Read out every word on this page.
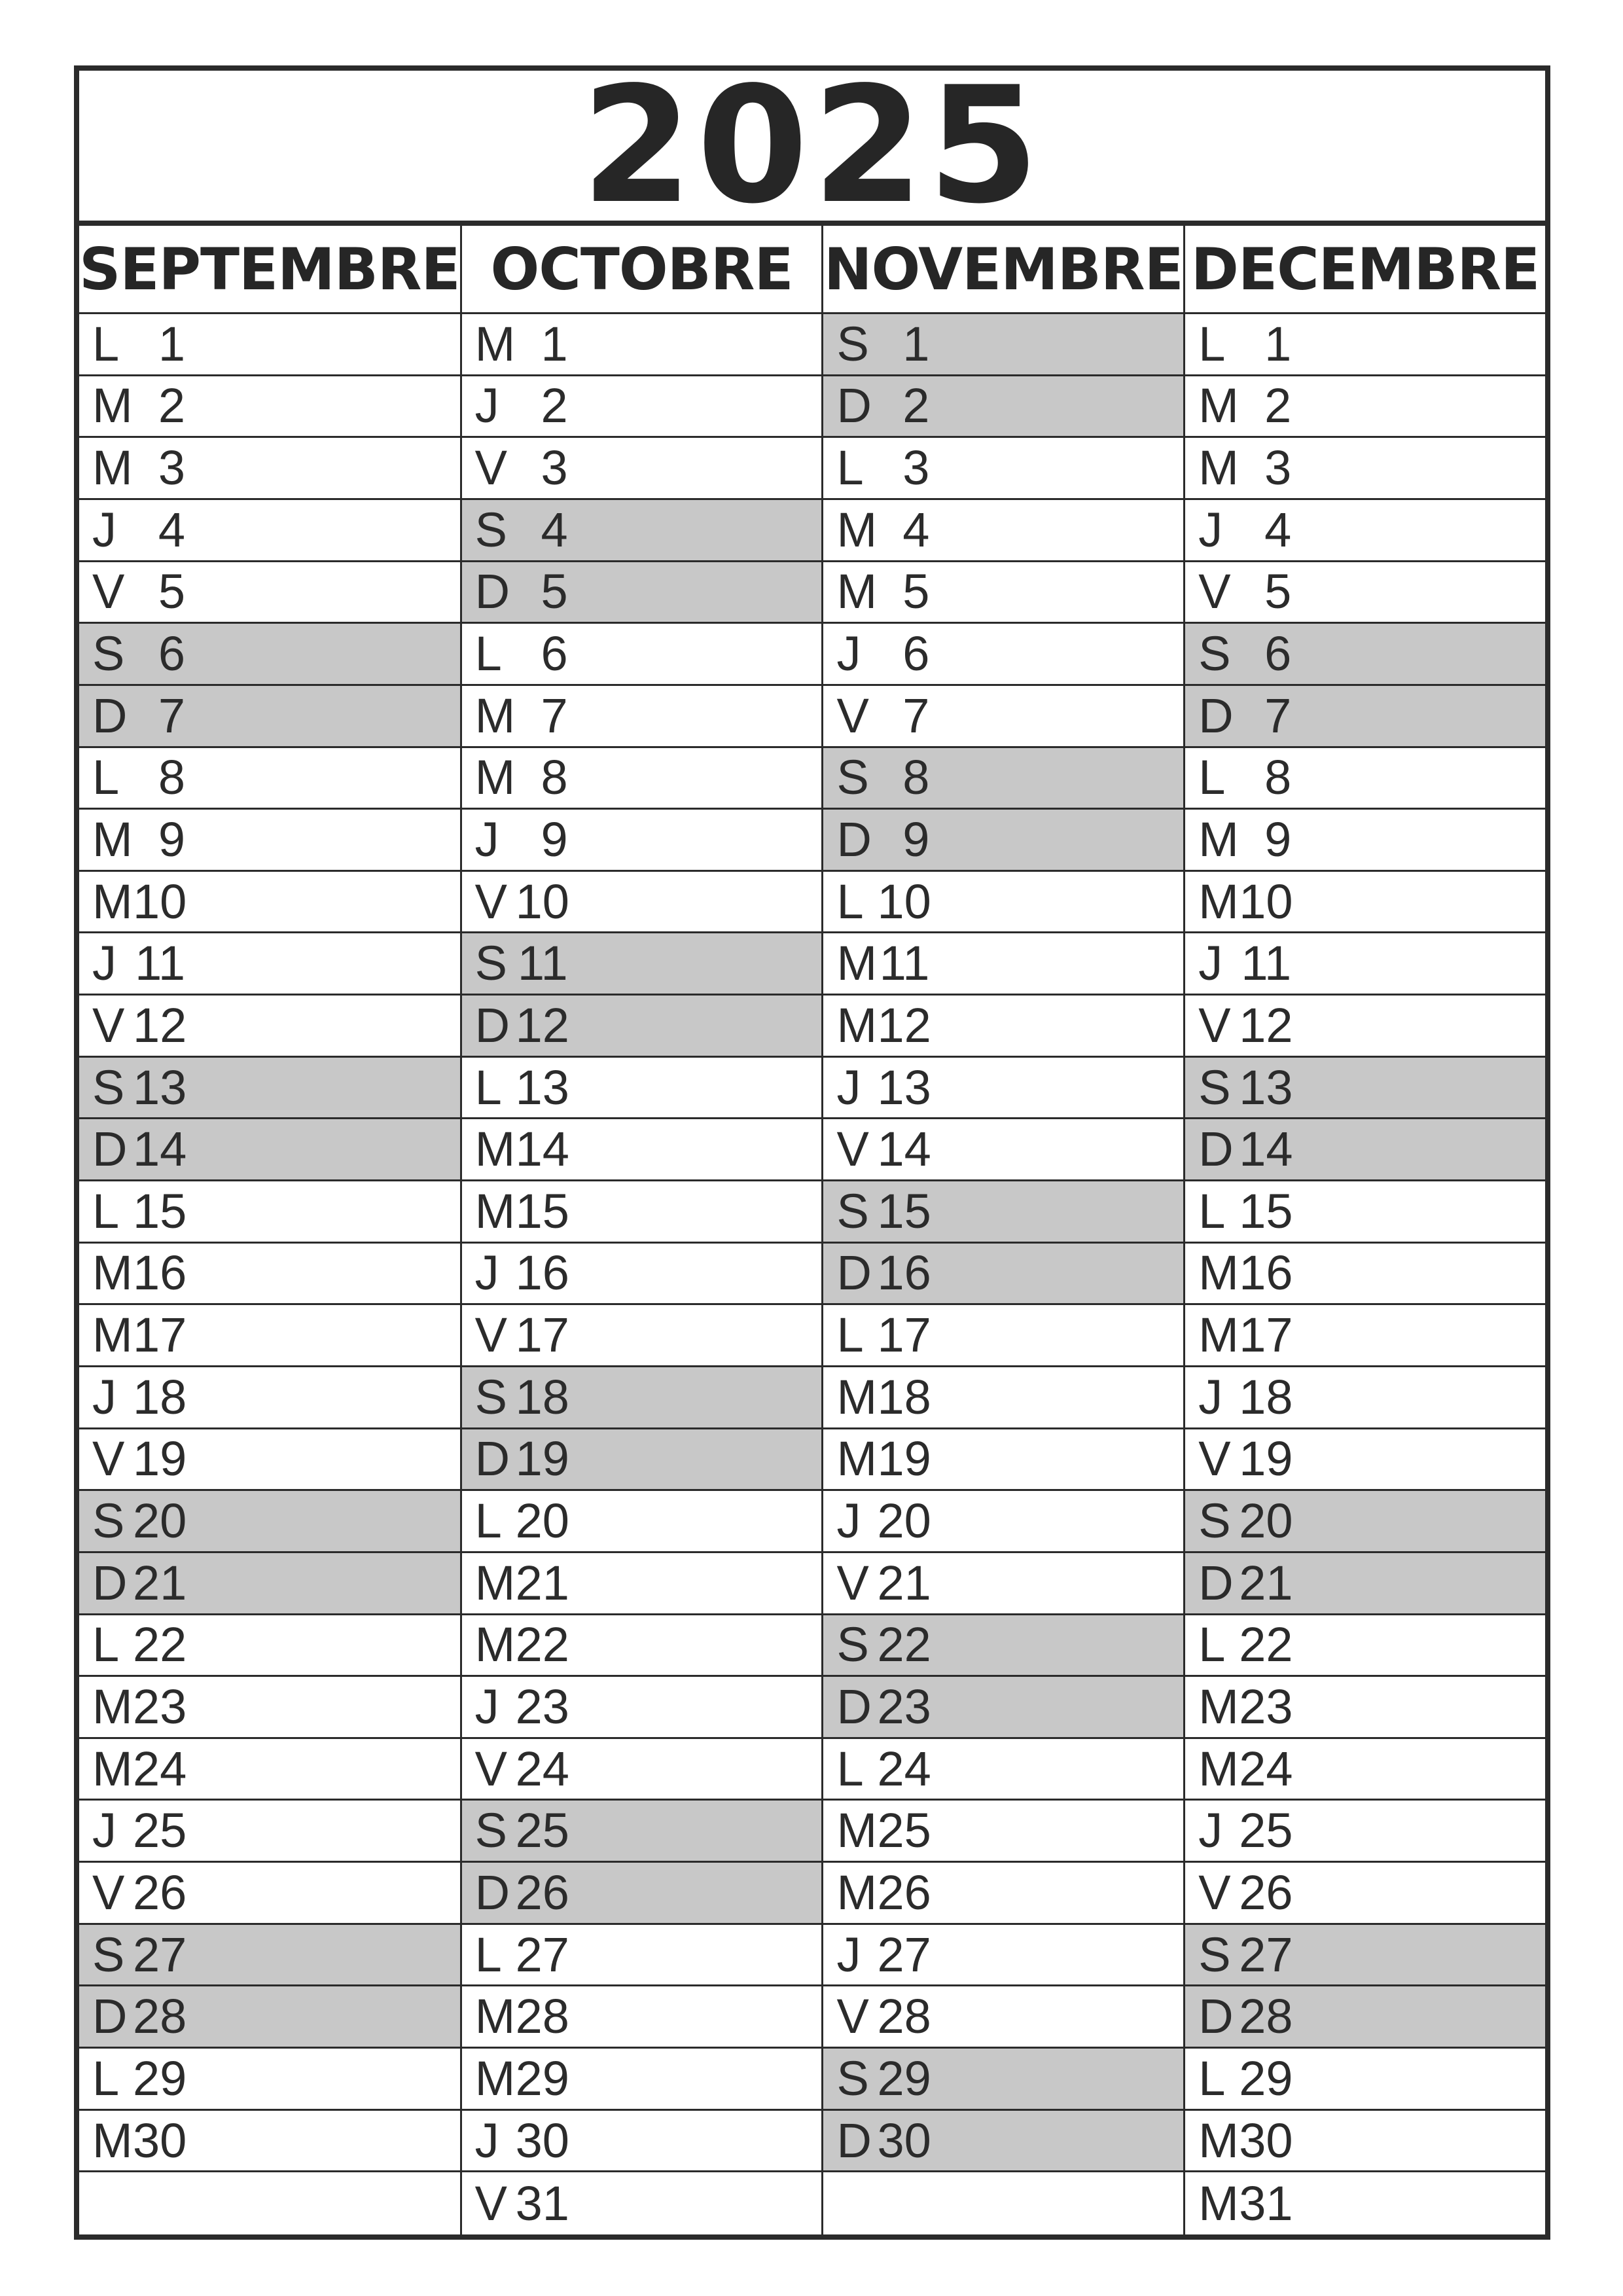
2025
SEPTEMBRE
L 1
M 2
M 3
J 4
V 5
S 6
D 7
L 8
M 9
M 10
J 11
V 12
S 13
D 14
L 15
M 16
M 17
J 18
V 19
S 20
D 21
L 22
M 23
M 24
J 25
V 26
S 27
D 28
L 29
M 30
OCTOBRE
M 1
J 2
V 3
S 4
D 5
L 6
M 7
M 8
J 9
V 10
S 11
D 12
L 13
M 14
M 15
J 16
V 17
S 18
D 19
L 20
M 21
M 22
J 23
V 24
S 25
D 26
L 27
M 28
M 29
J 30
V 31
NOVEMBRE
S 1
D 2
L 3
M 4
M 5
J 6
V 7
S 8
D 9
L 10
M 11
M 12
J 13
V 14
S 15
D 16
L 17
M 18
M 19
J 20
V 21
S 22
D 23
L 24
M 25
M 26
J 27
V 28
S 29
D 30
DECEMBRE
L 1
M 2
M 3
J 4
V 5
S 6
D 7
L 8
M 9
M 10
J 11
V 12
S 13
D 14
L 15
M 16
M 17
J 18
V 19
S 20
D 21
L 22
M 23
M 24
J 25
V 26
S 27
D 28
L 29
M 30
M 31
